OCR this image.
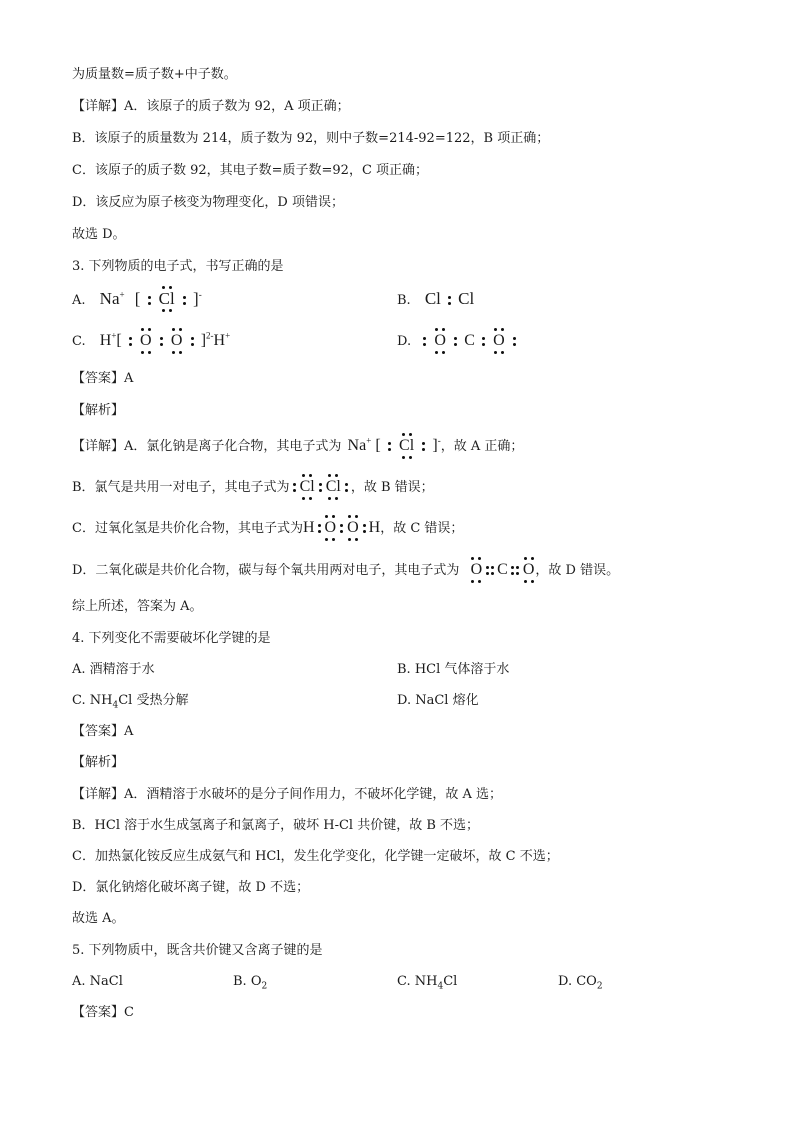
为质量数=质子数+中子数。
【详解】A．该原子的质子数为 92，A 项正确；
B．该原子的质量数为 214，质子数为 92，则中子数=214-92=122，B 项正确；
C．该原子的质子数 92，其电子数=质子数=92，C 项正确；
D．该反应为原子核变为物理变化，D 项错误；
故选 D。
3. 下列物质的电子式，书写正确的是
A. Na+ [
Cl
]-	B. Cl Cl
C. H+[
O

O
]$^{2-}$H+	D.
O
C
O

【答案】A
【解析】
【详解】A．氯化钠是离子化合物，其电子式为 Na+ [
Cl
]-，故 A 正确；
B．氯气是共用一对电子，其电子式为 Cl Cl ，故 B 错误；
C．过氧化氢是共价化合物，其电子式为H O O H，故 C 错误；
D．二氧化碳是共价化合物，碳与每个氧共用两对电子，其电子式为 O C O
，故 D 错误。
综上所述，答案为 A。
4. 下列变化不需要破坏化学键的是
A. 酒精溶于水	B. HCl 气体溶于水
C. $NH_4Cl$ 受热分解	D. NaCl 熔化
【答案】A
【解析】
【详解】A．酒精溶于水破坏的是分子间作用力，不破坏化学键，故 A 选；
B．HCl 溶于水生成氢离子和氯离子，破坏 H-Cl 共价键，故 B 不选；
C．加热氯化铵反应生成氨气和 HCl，发生化学变化，化学键一定破坏，故 C 不选；
D．氯化钠熔化破坏离子键，故 D 不选；
故选 A。
5. 下列物质中，既含共价键又含离子键的是
A. NaCl	B. $O_2$	C. $NH_4Cl$	D. $CO_2$
【答案】C
